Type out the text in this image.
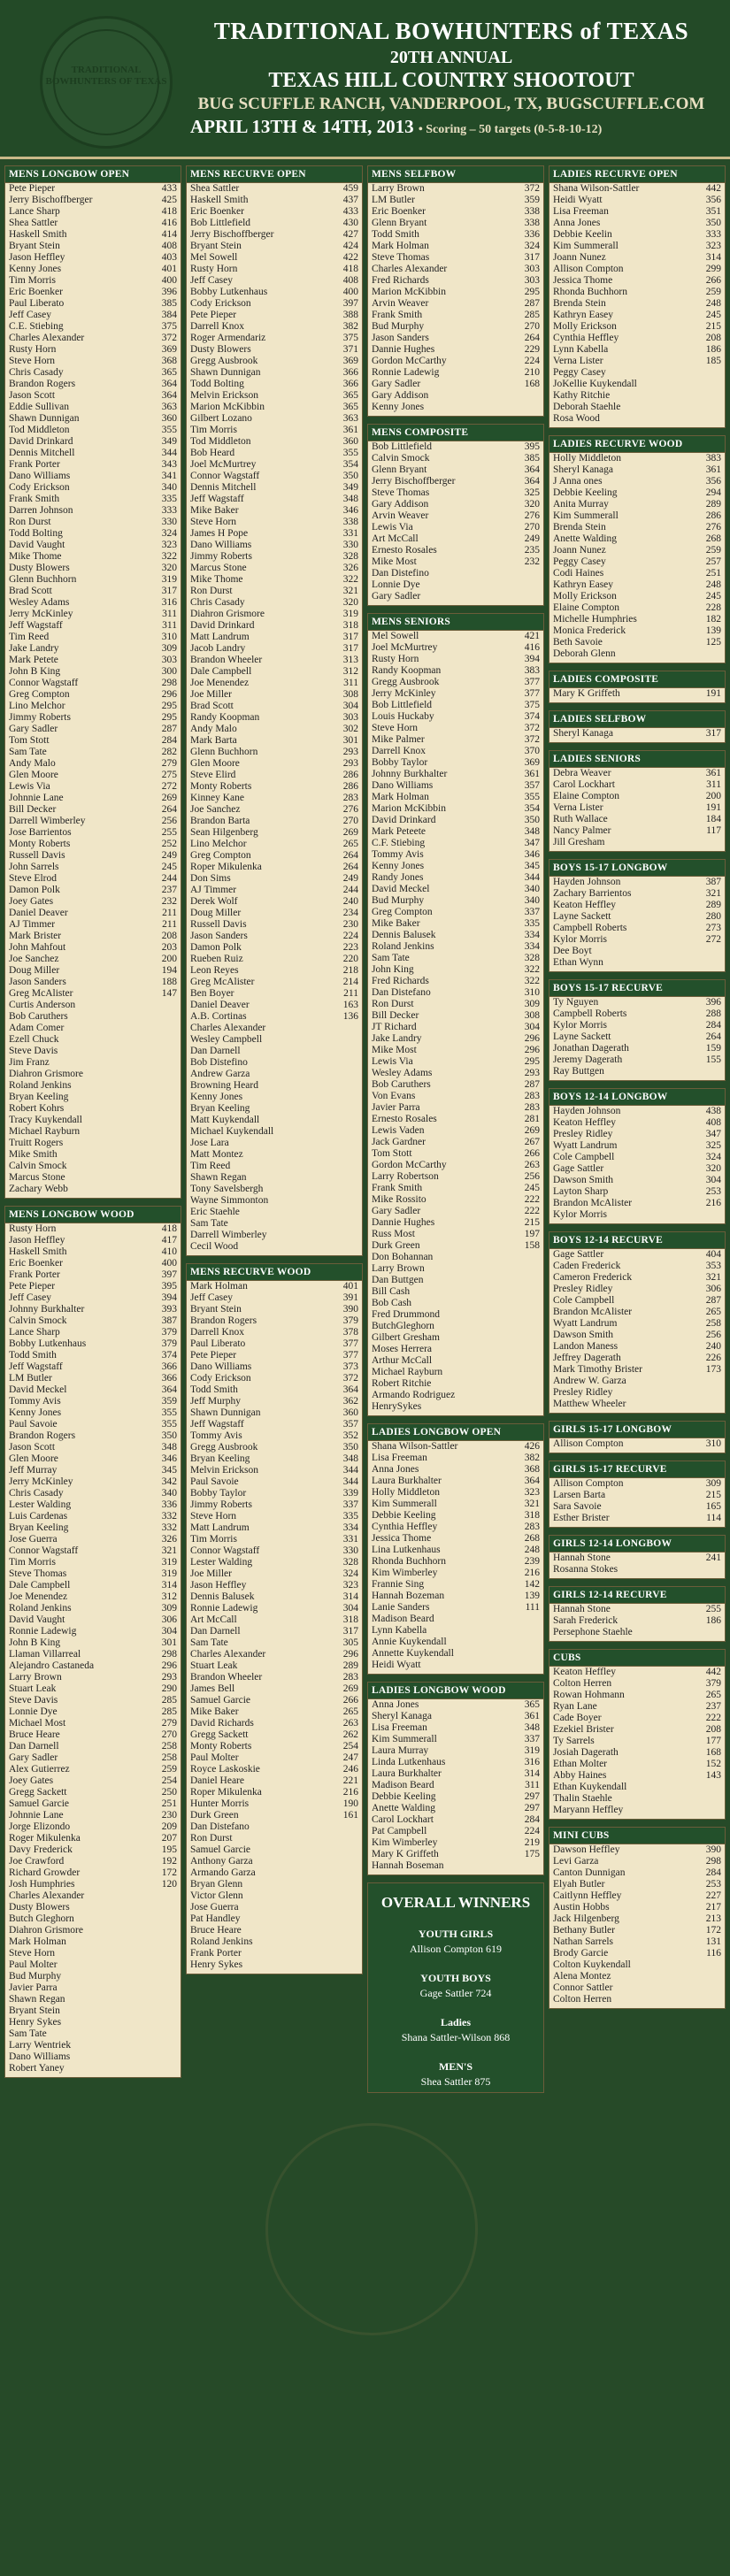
TRADITIONAL BOWHUNTERS OF TEXAS
TRADITIONAL BOWHUNTERS of TEXAS
20TH ANNUAL
TEXAS HILL COUNTRY SHOOTOUT
BUG SCUFFLE RANCH, VANDERPOOL, TX, BUGSCUFFLE.COM
APRIL 13TH & 14TH, 2013 • Scoring – 50 targets (0-5-8-10-12)
MENS LONGBOW OPEN
Pete Pieper	433
Jerry Bischoffberger	425
Lance Sharp	418
Shea Sattler	416
Haskell Smith	414
Bryant Stein	408
Jason Heffley	403
Kenny Jones	401
Tim Morris	400
Eric Boenker	396
Paul Liberato	385
Jeff Casey	384
C.E. Stiebing	375
Charles Alexander	372
Rusty Horn	369
Steve Horn	368
Chris Casady	365
Brandon Rogers	364
Jason Scott	364
Eddie Sullivan	363
Shawn Dunnigan	360
Tod Middleton	355
David Drinkard	349
Dennis Mitchell	344
Frank Porter	343
Dano Williams	341
Cody Erickson	340
Frank Smith	335
Darren Johnson	333
Ron Durst	330
Todd Bolting	324
David Vaught	323
Mike Thome	322
Dusty Blowers	320
Glenn Buchhorn	319
Brad Scott	317
Wesley Adams	316
Jerry McKinley	311
Jeff Wagstaff	311
Tim Reed	310
Jake Landry	309
Mark Petete	303
John B King	300
Connor Wagstaff	298
Greg Compton	296
Lino Melchor	295
Jimmy Roberts	295
Gary Sadler	287
Tom Stott	284
Sam Tate	282
Andy Malo	279
Glen Moore	275
Lewis Via	272
Johnnie Lane	269
Bill Decker	264
Darrell Wimberley	256
Jose Barrientos	255
Monty Roberts	252
Russell Davis	249
John Sarrels	245
Steve Elrod	244
Damon Polk	237
Joey Gates	232
Daniel Deaver	211
AJ Timmer	211
Mark Brister	208
John Mahfout	203
Joe Sanchez	200
Doug Miller	194
Jason Sanders	188
Greg McAlister	147
Curtis Anderson
Bob Caruthers
Adam Comer
Ezell Chuck
Steve Davis
Jim Franz
Diahron Grismore
Roland Jenkins
Bryan Keeling
Robert Kohrs
Tracy Kuykendall
Michael Rayburn
Truitt Rogers
Mike Smith
Calvin Smock
Marcus Stone
Zachary Webb
MENS LONGBOW WOOD
Rusty Horn	418
Jason Heffley	417
Haskell Smith	410
Eric Boenker	400
Frank Porter	397
Pete Pieper	395
Jeff Casey	394
Johnny Burkhalter	393
Calvin Smock	387
Lance Sharp	379
Bobby Lutkenhaus	379
Todd Smith	374
Jeff Wagstaff	366
LM Butler	366
David Meckel	364
Tommy Avis	359
Kenny Jones	355
Paul Savoie	355
Brandon Rogers	350
Jason Scott	348
Glen Moore	346
Jeff Murray	345
Jerry McKinley	342
Chris Casady	340
Lester Walding	336
Luis Cardenas	332
Bryan Keeling	332
Jose Guerra	326
Connor Wagstaff	321
Tim Morris	319
Steve Thomas	319
Dale Campbell	314
Joe Menendez	312
Roland Jenkins	309
David Vaught	306
Ronnie Ladewig	304
John B King	301
Llaman Villarreal	298
Alejandro Castaneda	296
Larry Brown	293
Stuart Leak	290
Steve Davis	285
Lonnie Dye	285
Michael Most	279
Bruce Heare	270
Dan Darnell	258
Gary Sadler	258
Alex Gutierrez	259
Joey Gates	254
Gregg Sackett	250
Samuel Garcie	251
Johnnie Lane	230
Jorge Elizondo	209
Roger Mikulenka	207
Davy Frederick	195
Joe Crawford	192
Richard Growder	172
Josh Humphries	120
Charles Alexander
Dusty Blowers
Butch Gleghorn
Diahron Grismore
Mark Holman
Steve Horn
Paul Molter
Bud Murphy
Javier Parra
Shawn Regan
Bryant Stein
Henry Sykes
Sam Tate
Larry Wentriek
Dano Williams
Robert Yaney
MENS RECURVE OPEN
Shea Sattler	459
Haskell Smith	437
Eric Boenker	433
Bob Littlefield	430
Jerry Bischoffberger	427
Bryant Stein	424
Mel Sowell	422
Rusty Horn	418
Jeff Casey	408
Bobby Lutkenhaus	400
Cody Erickson	397
Pete Pieper	388
Darrell Knox	382
Roger Armendariz	375
Dusty Blowers	371
Gregg Ausbrook	369
Shawn Dunnigan	366
Todd Bolting	366
Melvin Erickson	365
Marion McKibbin	365
Gilbert Lozano	363
Tim Morris	361
Tod Middleton	360
Bob Heard	355
Joel McMurtrey	354
Connor Wagstaff	350
Dennis Mitchell	349
Jeff Wagstaff	348
Mike Baker	346
Steve Horn	338
James H Pope	331
Dano Williams	330
Jimmy Roberts	328
Marcus Stone	326
Mike Thome	322
Ron Durst	321
Chris Casady	320
Diahron Grismore	319
David Drinkard	318
Matt Landrum	317
Jacob Landry	317
Brandon Wheeler	313
Dale Campbell	312
Joe Menendez	311
Joe Miller	308
Brad Scott	304
Randy Koopman	303
Andy Malo	302
Mark Barta	301
Glenn Buchhorn	293
Glen Moore	293
Steve Elird	286
Monty Roberts	286
Kinney Kane	283
Joe Sanchez	276
Brandon Barta	270
Sean Hilgenberg	269
Lino Melchor	265
Greg Compton	264
Roper Mikulenka	264
Don Sims	249
AJ Timmer	244
Derek Wolf	240
Doug Miller	234
Russell Davis	230
Jason Sanders	224
Damon Polk	223
Rueben Ruiz	220
Leon Reyes	218
Greg McAlister	214
Ben Boyer	211
Daniel Deaver	163
A.B. Cortinas	136
Charles Alexander
Wesley Campbell
Dan Darnell
Bob Distefino
Andrew Garza
Browning Heard
Kenny Jones
Bryan Keeling
Matt Kuykendall
Michael Kuykendall
Jose Lara
Matt Montez
Tim Reed
Shawn Regan
Tony Savelsbergh
Wayne Simmonton
Eric Staehle
Sam Tate
Darrell Wimberley
Cecil Wood
MENS RECURVE WOOD
Mark Holman	401
Jeff Casey	391
Bryant Stein	390
Brandon Rogers	379
Darrell Knox	378
Paul Liberato	377
Pete Pieper	377
Dano Williams	373
Cody Erickson	372
Todd Smith	364
Jeff Murphy	362
Shawn Dunnigan	360
Jeff Wagstaff	357
Tommy Avis	352
Gregg Ausbrook	350
Bryan Keeling	348
Melvin Erickson	344
Paul Savoie	344
Bobby Taylor	339
Jimmy Roberts	337
Steve Horn	335
Matt Landrum	334
Tim Morris	331
Connor Wagstaff	330
Lester Walding	328
Joe Miller	324
Jason Heffley	323
Dennis Balusek	314
Ronnie Ladewig	304
Art McCall	318
Dan Darnell	317
Sam Tate	305
Charles Alexander	296
Stuart Leak	289
Brandon Wheeler	283
James Bell	269
Samuel Garcie	266
Mike Baker	265
David Richards	263
Gregg Sackett	262
Monty Roberts	254
Paul Molter	247
Royce Laskoskie	246
Daniel Heare	221
Roper Mikulenka	216
Hunter Morris	190
Durk Green	161
Dan Distefano
Ron Durst
Samuel Garcie
Anthony Garza
Armando Garza
Bryan Glenn
Victor Glenn
Jose Guerra
Pat Handley
Bruce Heare
Roland Jenkins
Frank Porter
Henry Sykes
MENS SELFBOW
Larry Brown	372
LM Butler	359
Eric Boenker	338
Glenn Bryant	338
Todd Smith	336
Mark Holman	324
Steve Thomas	317
Charles Alexander	303
Fred Richards	303
Marion McKibbin	295
Arvin Weaver	287
Frank Smith	285
Bud Murphy	270
Jason Sanders	264
Dannie Hughes	229
Gordon McCarthy	224
Ronnie Ladewig	210
Gary Sadler	168
Gary Addison
Kenny Jones
MENS COMPOSITE
Bob Littlefield	395
Calvin Smock	385
Glenn Bryant	364
Jerry Bischoffberger	364
Steve Thomas	325
Gary Addison	320
Arvin Weaver	276
Lewis Via	270
Art McCall	249
Ernesto Rosales	235
Mike Most	232
Dan Distefino
Lonnie Dye
Gary Sadler
MENS SENIORS
Mel Sowell	421
Joel McMurtrey	416
Rusty Horn	394
Randy Koopman	383
Gregg Ausbrook	377
Jerry McKinley	377
Bob Littlefield	375
Louis Huckaby	374
Steve Horn	372
Mike Palmer	372
Darrell Knox	370
Bobby Taylor	369
Johnny Burkhalter	361
Dano Williams	357
Mark Holman	355
Marion McKibbin	354
David Drinkard	350
Mark Peteete	348
C.F. Stiebing	347
Tommy Avis	346
Kenny Jones	345
Randy Jones	344
David Meckel	340
Bud Murphy	340
Greg Compton	337
Mike Baker	335
Dennis Balusek	334
Roland Jenkins	334
Sam Tate	328
John King	322
Fred Richards	322
Dan Distefano	310
Ron Durst	309
Bill Decker	308
JT Richard	304
Jake Landry	296
Mike Most	296
Lewis Via	295
Wesley Adams	293
Bob Caruthers	287
Von Evans	283
Javier Parra	283
Ernesto Rosales	281
Lewis Vaden	269
Jack Gardner	267
Tom Stott	266
Gordon McCarthy	263
Larry Robertson	256
Frank Smith	245
Mike Rossito	222
Gary Sadler	222
Dannie Hughes	215
Russ Most	197
Durk Green	158
Don Bohannan
Larry Brown
Dan Buttgen
Bill Cash
Bob Cash
Fred Drummond
ButchGleghorn
Gilbert Gresham
Moses Herrera
Arthur McCall
Michael Rayburn
Robert Ritchie
Armando Rodriguez
HenrySykes
LADIES LONGBOW OPEN
Shana Wilson-Sattler	426
Lisa Freeman	382
Anna Jones	368
Laura Burkhalter	364
Holly Middleton	323
Kim Summerall	321
Debbie Keeling	318
Cynthia Heffley	283
Jessica Thome	268
Lina Lutkenhaus	248
Rhonda Buchhorn	239
Kim Wimberley	216
Frannie Sing	142
Hannah Bozeman	139
Lanie Sanders	111
Madison Beard
Lynn Kabella
Annie Kuykendall
Annette Kuykendall
Heidi Wyatt
LADIES LONGBOW WOOD
Anna Jones	365
Sheryl Kanaga	361
Lisa Freeman	348
Kim Summerall	337
Laura Murray	319
Linda Lutkenhaus	316
Laura Burkhalter	314
Madison Beard	311
Debbie Keeling	297
Anette Walding	297
Carol Lockhart	284
Pat Campbell	224
Kim Wimberley	219
Mary K Griffeth	175
Hannah Boseman
OVERALL WINNERS
YOUTH GIRLS
Allison Compton 619
YOUTH BOYS
Gage Sattler 724
Ladies
Shana Sattler-Wilson 868
MEN'S
Shea Sattler 875
LADIES RECURVE OPEN
Shana Wilson-Sattler	442
Heidi Wyatt	356
Lisa Freeman	351
Anna Jones	350
Debbie Keelin	333
Kim Summerall	323
Joann Nunez	314
Allison Compton	299
Jessica Thome	266
Rhonda Buchhorn	259
Brenda Stein	248
Kathryn Easey	245
Molly Erickson	215
Cynthia Heffley	208
Lynn Kabella	186
Verna Lister	185
Peggy Casey
JoKellie Kuykendall
Kathy Ritchie
Deborah Staehle
Rosa Wood
LADIES RECURVE WOOD
Holly Middleton	383
Sheryl Kanaga	361
J Anna ones	356
Debbie Keeling	294
Anita Murray	289
Kim Summerall	286
Brenda Stein	276
Anette Walding	268
Joann Nunez	259
Peggy Casey	257
Codi Haines	251
Kathryn Easey	248
Molly Erickson	245
Elaine Compton	228
Michelle Humphries	182
Monica Frederick	139
Beth Savoie	125
Deborah Glenn
LADIES COMPOSITE
Mary K Griffeth	191
LADIES SELFBOW
Sheryl Kanaga	317
LADIES SENIORS
Debra Weaver	361
Carol Lockhart	311
Elaine Compton	200
Verna Lister	191
Ruth Wallace	184
Nancy Palmer	117
Jill Gresham
BOYS 15-17 LONGBOW
Hayden Johnson	387
Zachary Barrientos	321
Keaton Heffley	289
Layne Sackett	280
Campbell Roberts	273
Kylor Morris	272
Dee Boyt
Ethan Wynn
BOYS 15-17 RECURVE
Ty Nguyen	396
Campbell Roberts	288
Kylor Morris	284
Layne Sackett	264
Jonathan Dagerath	159
Jeremy Dagerath	155
Ray Buttgen
BOYS 12-14 LONGBOW
Hayden Johnson	438
Keaton Heffley	408
Presley Ridley	347
Wyatt Landrum	325
Cole Campbell	324
Gage Sattler	320
Dawson Smith	304
Layton Sharp	253
Brandon McAlister	216
Kylor Morris
BOYS 12-14 RECURVE
Gage Sattler	404
Caden Frederick	353
Cameron Frederick	321
Presley Ridley	306
Cole Campbell	287
Brandon McAlister	265
Wyatt Landrum	258
Dawson Smith	256
Landon Maness	240
Jeffrey Dagerath	226
Mark Timothy Brister	173
Andrew W. Garza
Presley Ridley
Matthew Wheeler
GIRLS 15-17 LONGBOW
Allison Compton	310
GIRLS 15-17 RECURVE
Allison Compton	309
Larsen Barta	215
Sara Savoie	165
Esther Brister	114
GIRLS 12-14 LONGBOW
Hannah Stone	241
Rosanna Stokes
GIRLS 12-14 RECURVE
Hannah Stone	255
Sarah Frederick	186
Persephone Staehle
CUBS
Keaton Heffley	442
Colton Herren	379
Rowan Hohmann	265
Ryan Lane	237
Cade Boyer	222
Ezekiel Brister	208
Ty Sarrels	177
Josiah Dagerath	168
Ethan Molter	152
Abby Haines	143
Ethan Kuykendall
Thalin Staehle
Maryann Heffley
MINI CUBS
Dawson Heffley	390
Levi Garza	298
Canton Dunnigan	284
Elyah Butler	253
Caitlynn Heffley	227
Austin Hobbs	217
Jack Hilgenberg	213
Bethany Butler	172
Nathan Sarrels	131
Brody Garcie	116
Colton Kuykendall
Alena Montez
Connor Sattler
Colton Herren
